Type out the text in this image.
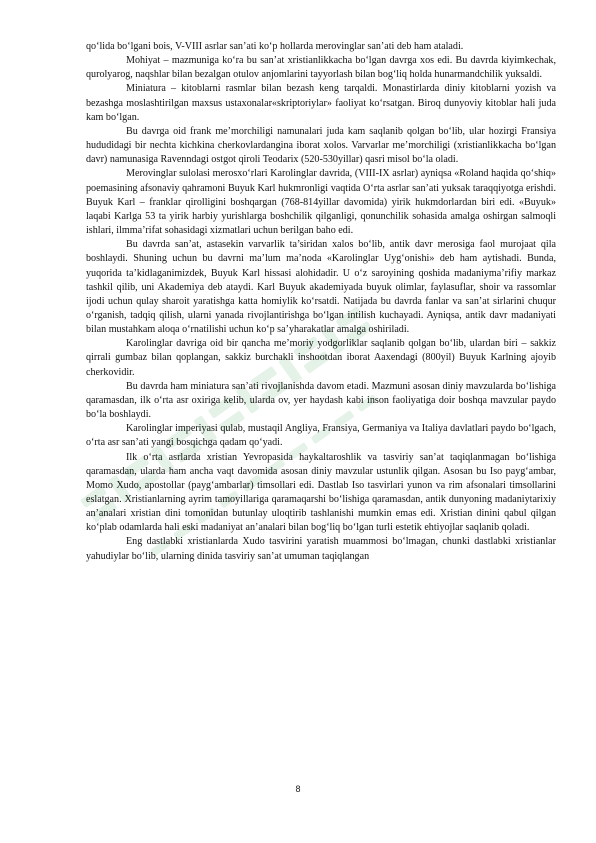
qo‘lida bo‘lgani bois, V-VIII asrlar san’ati ko‘p hollarda merovinglar san’ati deb ham ataladi.

Mohiyat – mazmuniga ko‘ra bu san’at xristianlikkacha bo‘lgan davrga xos edi. Bu davrda kiyimkechak, qurolyarog, naqshlar bilan bezalgan otulov anjomlarini tayyorlash bilan bog‘liq holda hunarmandchilik yuksaldi.

Miniatura – kitoblarni rasmlar bilan bezash keng tarqaldi. Monastirlarda diniy kitoblarni yozish va bezashga moslashtirilgan maxsus ustaxonalar«skriptoriylar» faoliyat ko‘rsatgan. Biroq dunyoviy kitoblar hali juda kam bo‘lgan.

Bu davrga oid frank me’morchiligi namunalari juda kam saqlanib qolgan bo‘lib, ular hozirgi Fransiya hududidagi bir nechta kichkina cherkovlardangina iborat xolos. Varvarlar me’morchiligi (xristianlikkacha bo‘lgan davr) namunasiga Ravenndagi ostgot qiroli Teodarix (520-530yillar) qasri misol bo‘la oladi.

Merovinglar sulolasi merosxo‘rlari Karolinglar davrida, (VIII-IX asrlar) ayniqsa «Roland haqida qo‘shiq» poemasining afsonaviy qahramoni Buyuk Karl hukmronligi vaqtida O‘rta asrlar san’ati yuksak taraqqiyotga erishdi. Buyuk Karl – franklar qirolligini boshqargan (768-814yillar davomida) yirik hukmdorlardan biri edi. «Buyuk» laqabi Karlga 53 ta yirik harbiy yurishlarga boshchilik qilganligi, qonunchilik sohasida amalga oshirgan salmoqli ishlari, ilmma’rifat sohasidagi xizmatlari uchun berilgan baho edi.

Bu davrda san’at, astasekin varvarlik ta’siridan xalos bo‘lib, antik davr merosiga faol murojaat qila boshlaydi. Shuning uchun bu davrni ma’lum ma’noda «Karolinglar Uyg‘onishi» deb ham aytishadi. Bunda, yuqorida ta’kidlaganimizdek, Buyuk Karl hissasi alohidadir. U o‘z saroyining qoshida madaniyma’rifiy markaz tashkil qilib, uni Akademiya deb ataydi. Karl Buyuk akademiyada buyuk olimlar, faylasuflar, shoir va rassomlar ijodi uchun qulay sharoit yaratishga katta homiylik ko‘rsatdi. Natijada bu davrda fanlar va san’at sirlarini chuqur o‘rganish, tadqiq qilish, ularni yanada rivojlantirishga bo‘lgan intilish kuchayadi. Ayniqsa, antik davr madaniyati bilan mustahkam aloqa o‘rnatilishi uchun ko‘p sa’yharakatlar amalga oshiriladi.

Karolinglar davriga oid bir qancha me’moriy yodgorliklar saqlanib qolgan bo‘lib, ulardan biri – sakkiz qirrali gumbaz bilan qoplangan, sakkiz burchakli inshootdan iborat Aaxendagi (800yil) Buyuk Karlning ajoyib cherkovidir.

Bu davrda ham miniatura san’ati rivojlanishda davom etadi. Mazmuni asosan diniy mavzularda bo‘lishiga qaramasdan, ilk o‘rta asr oxiriga kelib, ularda ov, yer haydash kabi inson faoliyatiga doir boshqa mavzular paydo bo‘la boshlaydi.

Karolinglar imperiyasi qulab, mustaqil Angliya, Fransiya, Germaniya va Italiya davlatlari paydo bo‘lgach, o‘rta asr san’ati yangi bosqichga qadam qo‘yadi.

Ilk o‘rta asrlarda xristian Yevropasida haykaltaroshlik va tasviriy san’at taqiqlanmagan bo‘lishiga qaramasdan, ularda ham ancha vaqt davomida asosan diniy mavzular ustunlik qilgan. Asosan bu Iso payg‘ambar, Momo Xudo, apostollar (payg‘ambarlar) timsollari edi. Dastlab Iso tasvirlari yunon va rim afsonalari timsollarini eslatgan. Xristianlarning ayrim tamoyillariga qaramaqarshi bo‘lishiga qaramasdan, antik dunyoning madaniytarixiy an’analari xristian dini tomonidan butunlay uloqtirib tashlanishi mumkin emas edi. Xristian dinini qabul qilgan ko‘plab odamlarda hali eski madaniyat an’analari bilan bog‘liq bo‘lgan turli estetik ehtiyojlar saqlanib qoladi.

Eng dastlabki xristianlarda Xudo tasvirini yaratish muammosi bo‘lmagan, chunki dastlabki xristianlar yahudiylar bo‘lib, ularning dinida tasviriy san’at umuman taqiqlangan

8
